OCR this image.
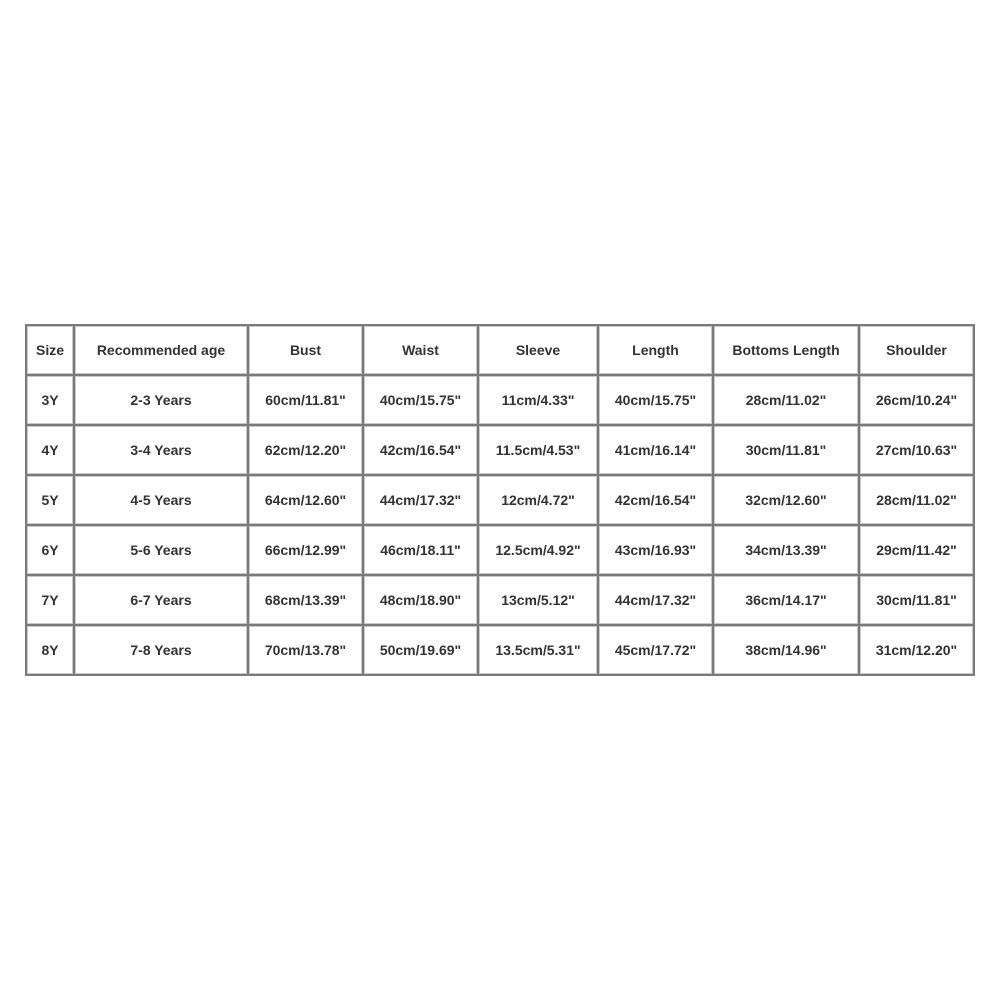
Size	Recommended age	Bust	Waist	Sleeve	Length	Bottoms Length	Shoulder
3Y	2-3 Years	60cm/11.81"	40cm/15.75"	11cm/4.33"	40cm/15.75"	28cm/11.02"	26cm/10.24"
4Y	3-4 Years	62cm/12.20"	42cm/16.54"	11.5cm/4.53"	41cm/16.14"	30cm/11.81"	27cm/10.63"
5Y	4-5 Years	64cm/12.60"	44cm/17.32"	12cm/4.72"	42cm/16.54"	32cm/12.60"	28cm/11.02"
6Y	5-6 Years	66cm/12.99"	46cm/18.11"	12.5cm/4.92"	43cm/16.93"	34cm/13.39"	29cm/11.42"
7Y	6-7 Years	68cm/13.39"	48cm/18.90"	13cm/5.12"	44cm/17.32"	36cm/14.17"	30cm/11.81"
8Y	7-8 Years	70cm/13.78"	50cm/19.69"	13.5cm/5.31"	45cm/17.72"	38cm/14.96"	31cm/12.20"
